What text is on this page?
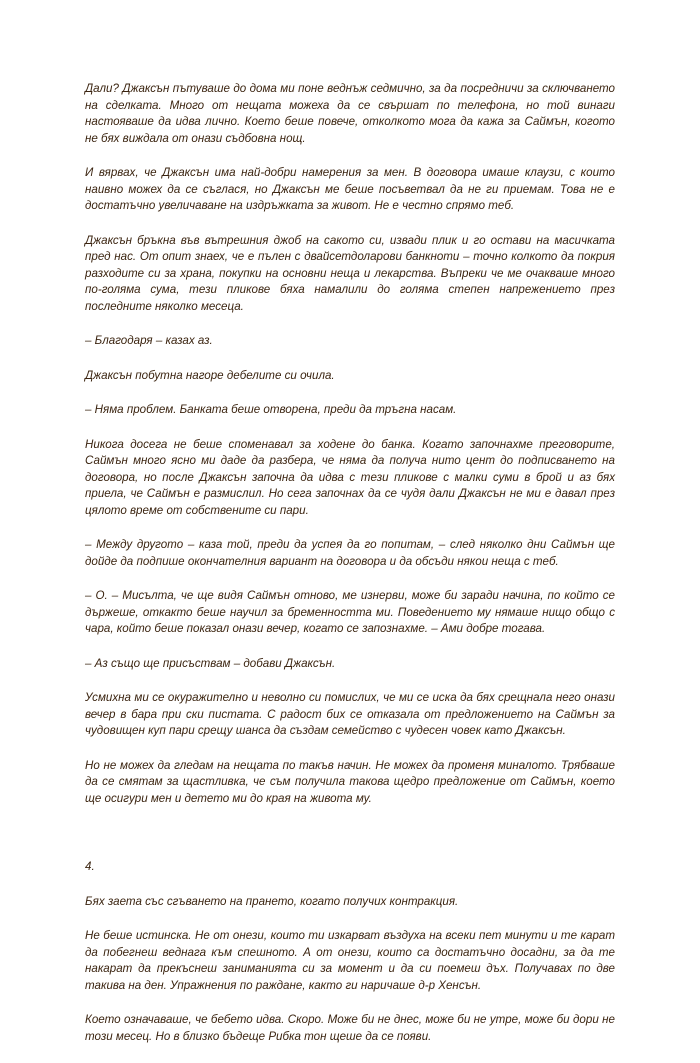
Дали? Джаксън пътуваше до дома ми поне веднъж седмично, за да посредничи за сключването на сделката. Много от нещата можеха да се свършат по телефона, но той винаги настояваше да идва лично. Което беше повече, отколкото мога да кажа за Саймън, когото не бях виждала от онази съдбовна нощ.

И вярвах, че Джаксън има най-добри намерения за мен. В договора имаше клаузи, с които наивно можех да се съглася, но Джаксън ме беше посъветвал да не ги приемам. Това не е достатъчно увеличаване на издръжката за живот. Не е честно спрямо теб.

Джаксън бръкна във вътрешния джоб на сакото си, извади плик и го остави на масичката пред нас. От опит знаех, че е пълен с двайсетдоларови банкноти – точно колкото да покрия разходите си за храна, покупки на основни неща и лекарства. Въпреки че ме очакваше много по-голяма сума, тези пликове бяха намалили до голяма степен напрежението през последните няколко месеца.

– Благодаря – казах аз.

Джаксън побутна нагоре дебелите си очила.

– Няма проблем. Банката беше отворена, преди да тръгна насам.

Никога досега не беше споменавал за ходене до банка. Когато започнахме преговорите, Саймън много ясно ми даде да разбера, че няма да получа нито цент до подписването на договора, но после Джаксън започна да идва с тези пликове с малки суми в брой и аз бях приела, че Саймън е размислил. Но сега започнах да се чудя дали Джаксън не ми е давал през цялото време от собствените си пари.

– Между другото – каза той, преди да успея да го попитам, – след няколко дни Саймън ще дойде да подпише окончателния вариант на договора и да обсъди някои неща с теб.

– О. – Мисълта, че ще видя Саймън отново, ме изнерви, може би заради начина, по който се държеше, откакто беше научил за бременността ми. Поведението му нямаше нищо общо с чара, който беше показал онази вечер, когато се запознахме. – Ами добре тогава.

– Аз също ще присъствам – добави Джаксън.

Усмихна ми се окуражително и неволно си помислих, че ми се иска да бях срещнала него онази вечер в бара при ски пистата. С радост бих се отказала от предложението на Саймън за чудовищен куп пари срещу шанса да създам семейство с чудесен човек като Джаксън.

Но не можех да гледам на нещата по такъв начин. Не можех да променя миналото. Трябваше да се смятам за щастливка, че съм получила такова щедро предложение от Саймън, което ще осигури мен и детето ми до края на живота му.

4.

Бях заета със сгъването на прането, когато получих контракция.

Не беше истинска. Не от онези, които ти изкарват въздуха на всеки пет минути и те карат да побегнеш веднага към спешното. А от онези, които са достатъчно досадни, за да те накарат да прекъснеш заниманията си за момент и да си поемеш дъх. Получавах по две такива на ден. Упражнения по раждане, както ги наричаше д-р Хенсън.

Което означаваше, че бебето идва. Скоро. Може би не днес, може би не утре, може би дори не този месец. Но в близко бъдеще Рибка тон щеше да се появи.
